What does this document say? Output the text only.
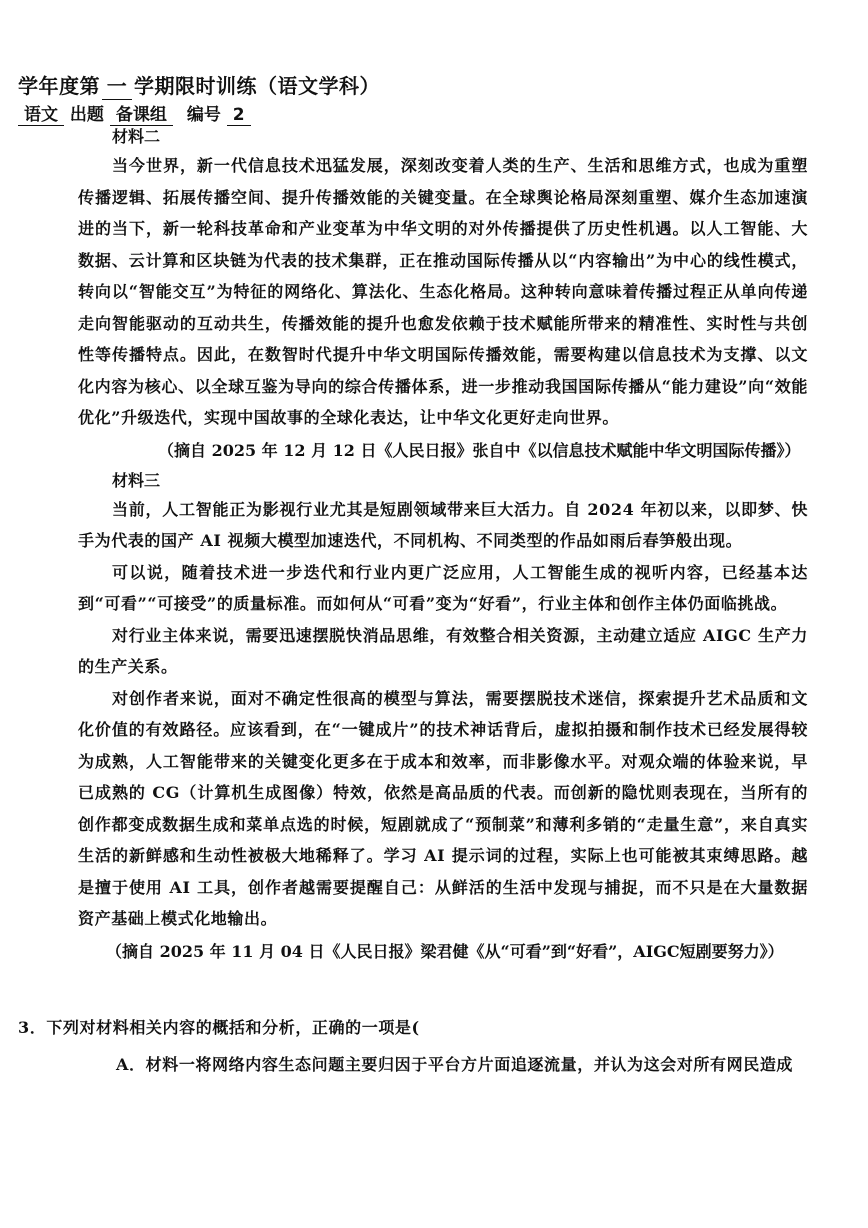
学年度第 一 学期限时训练（语文学科）
语文 出题 备课组 编号 2
材料二

当今世界，新一代信息技术迅猛发展，深刻改变着人类的生产、生活和思维方式，也成为重塑传播逻辑、拓展传播空间、提升传播效能的关键变量。在全球舆论格局深刻重塑、媒介生态加速演进的当下，新一轮科技革命和产业变革为中华文明的对外传播提供了历史性机遇。以人工智能、大数据、云计算和区块链为代表的技术集群，正在推动国际传播从以“内容输出”为中心的线性模式，转向以“智能交互”为特征的网络化、算法化、生态化格局。这种转向意味着传播过程正从单向传递走向智能驱动的互动共生，传播效能的提升也愈发依赖于技术赋能所带来的精准性、实时性与共创性等传播特点。因此，在数智时代提升中华文明国际传播效能，需要构建以信息技术为支撑、以文化内容为核心、以全球互鉴为导向的综合传播体系，进一步推动我国国际传播从“能力建设”向“效能优化”升级迭代，实现中国故事的全球化表达，让中华文化更好走向世界。

（摘自 2025 年 12 月 12 日《人民日报》张自中《以信息技术赋能中华文明国际传播》）
材料三

当前，人工智能正为影视行业尤其是短剧领域带来巨大活力。自 2024 年初以来，以即梦、快手为代表的国产 AI 视频大模型加速迭代，不同机构、不同类型的作品如雨后春笋般出现。

可以说，随着技术进一步迭代和行业内更广泛应用，人工智能生成的视听内容，已经基本达到“可看”“可接受”的质量标准。而如何从“可看”变为“好看”，行业主体和创作主体仍面临挑战。

对行业主体来说，需要迅速摆脱快消品思维，有效整合相关资源，主动建立适应 AIGC 生产力的生产关系。

对创作者来说，面对不确定性很高的模型与算法，需要摆脱技术迷信，探索提升艺术品质和文化价值的有效路径。应该看到，在“一键成片”的技术神话背后，虚拟拍摄和制作技术已经发展得较为成熟，人工智能带来的关键变化更多在于成本和效率，而非影像水平。对观众端的体验来说，早已成熟的 CG（计算机生成图像）特效，依然是高品质的代表。而创新的隐忧则表现在，当所有的创作都变成数据生成和菜单点选的时候，短剧就成了“预制菜”和薄利多销的“走量生意”，来自真实生活的新鲜感和生动性被极大地稀释了。学习 AI 提示词的过程，实际上也可能被其束缚思路。越是擅于使用 AI 工具，创作者越需要提醒自己：从鲜活的生活中发现与捕捉，而不只是在大量数据资产基础上模式化地输出。

（摘自 2025 年 11 月 04 日《人民日报》梁君健《从“可看”到“好看”，AIGC短剧要努力》）
3．下列对材料相关内容的概括和分析，正确的一项是(
A．材料一将网络内容生态问题主要归因于平台方片面追逐流量，并认为这会对所有网民造成
